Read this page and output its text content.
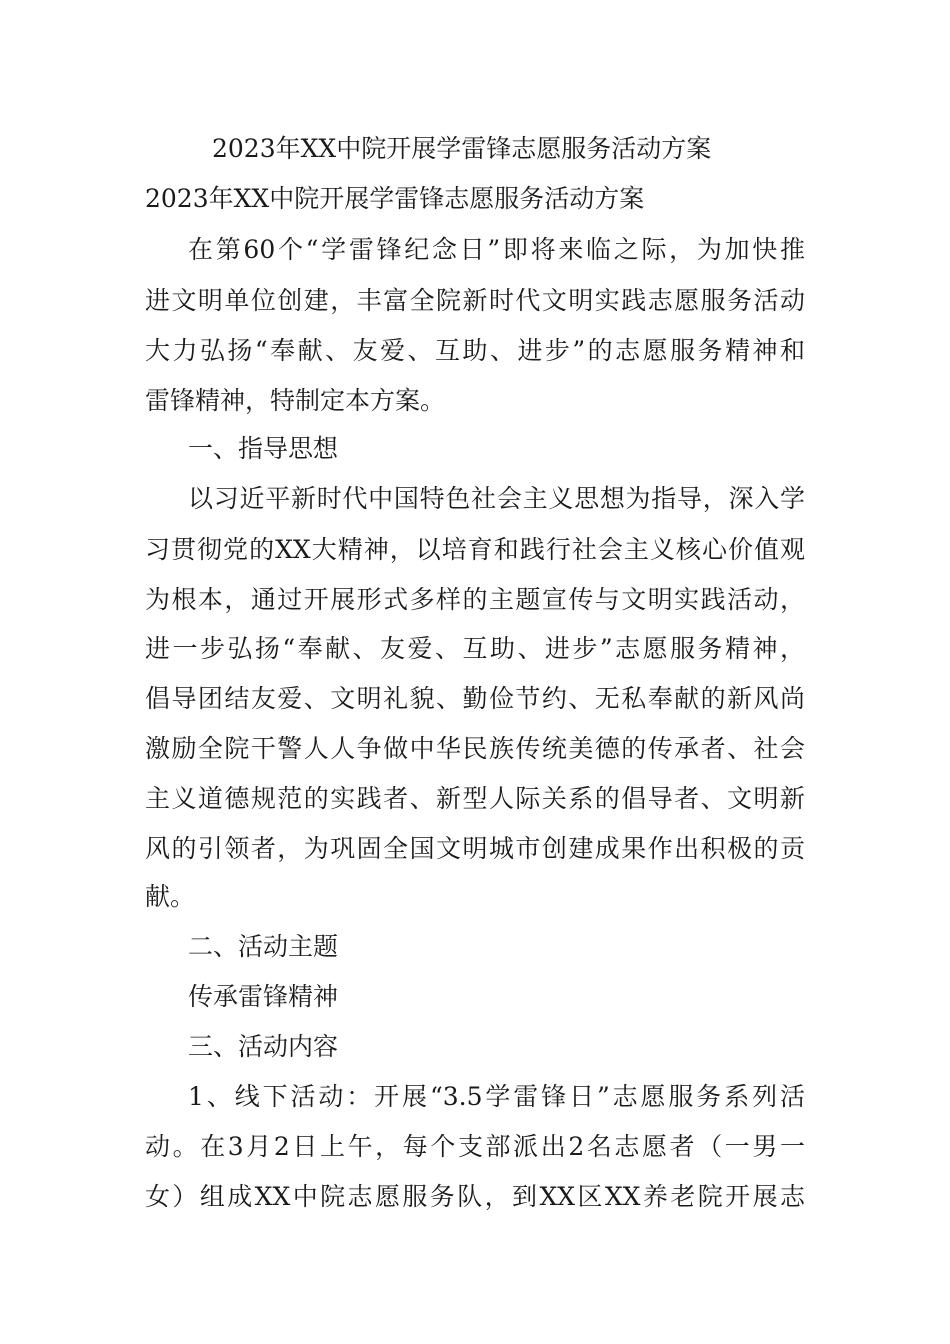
2023年XX中院开展学雷锋志愿服务活动方案
2023年XX中院开展学雷锋志愿服务活动方案
在第60个“学雷锋纪念日”即将来临之际，为加快推
进文明单位创建，丰富全院新时代文明实践志愿服务活动
大力弘扬“奉献、友爱、互助、进步”的志愿服务精神和
雷锋精神，特制定本方案。
一、指导思想
以习近平新时代中国特色社会主义思想为指导，深入学
习贯彻党的XX大精神，以培育和践行社会主义核心价值观
为根本，通过开展形式多样的主题宣传与文明实践活动，
进一步弘扬“奉献、友爱、互助、进步”志愿服务精神，
倡导团结友爱、文明礼貌、勤俭节约、无私奉献的新风尚
激励全院干警人人争做中华民族传统美德的传承者、社会
主义道德规范的实践者、新型人际关系的倡导者、文明新
风的引领者，为巩固全国文明城市创建成果作出积极的贡
献。
二、活动主题
传承雷锋精神
三、活动内容
1、线下活动：开展“3.5学雷锋日”志愿服务系列活
动。在3月2日上午，每个支部派出2名志愿者（一男一
女）组成XX中院志愿服务队，到XX区XX养老院开展志
